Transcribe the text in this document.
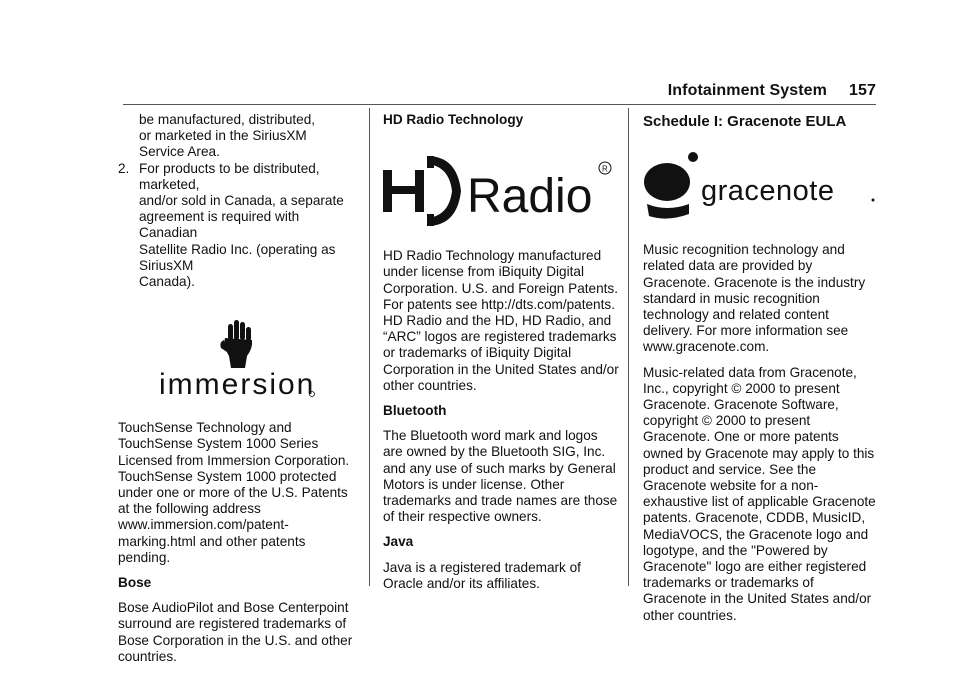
Infotainment System 157

be manufactured, distributed,
or marketed in the SiriusXM
Service Area.

2. For products to be distributed, marketed,
and/or sold in Canada, a separate
agreement is required with Canadian
Satellite Radio Inc. (operating as SiriusXM
Canada).

immersion

TouchSense Technology and TouchSense System 1000 Series Licensed from Immersion Corporation. TouchSense System 1000 protected under one or more of the U.S. Patents at the following address www.immersion.com/patent-marking.html and other patents pending.

Bose

Bose AudioPilot and Bose Centerpoint surround are registered trademarks of Bose Corporation in the U.S. and other countries.

HD Radio Technology

Radio
R

HD Radio Technology manufactured under license from iBiquity Digital Corporation. U.S. and Foreign Patents. For patents see http://dts.com/patents. HD Radio and the HD, HD Radio, and “ARC” logos are registered trademarks or trademarks of iBiquity Digital Corporation in the United States and/or other countries.

Bluetooth

The Bluetooth word mark and logos are owned by the Bluetooth SIG, Inc. and any use of such marks by General Motors is under license. Other trademarks and trade names are those of their respective owners.

Java

Java is a registered trademark of Oracle and/or its affiliates.

Schedule I: Gracenote EULA

gracenote

Music recognition technology and related data are provided by Gracenote. Gracenote is the industry standard in music recognition technology and related content delivery. For more information see www.gracenote.com.

Music-related data from Gracenote, Inc., copyright © 2000 to present Gracenote. Gracenote Software, copyright © 2000 to present Gracenote. One or more patents owned by Gracenote may apply to this product and service. See the Gracenote website for a non-exhaustive list of applicable Gracenote patents. Gracenote, CDDB, MusicID, MediaVOCS, the Gracenote logo and logotype, and the "Powered by Gracenote" logo are either registered trademarks or trademarks of Gracenote in the United States and/or other countries.
